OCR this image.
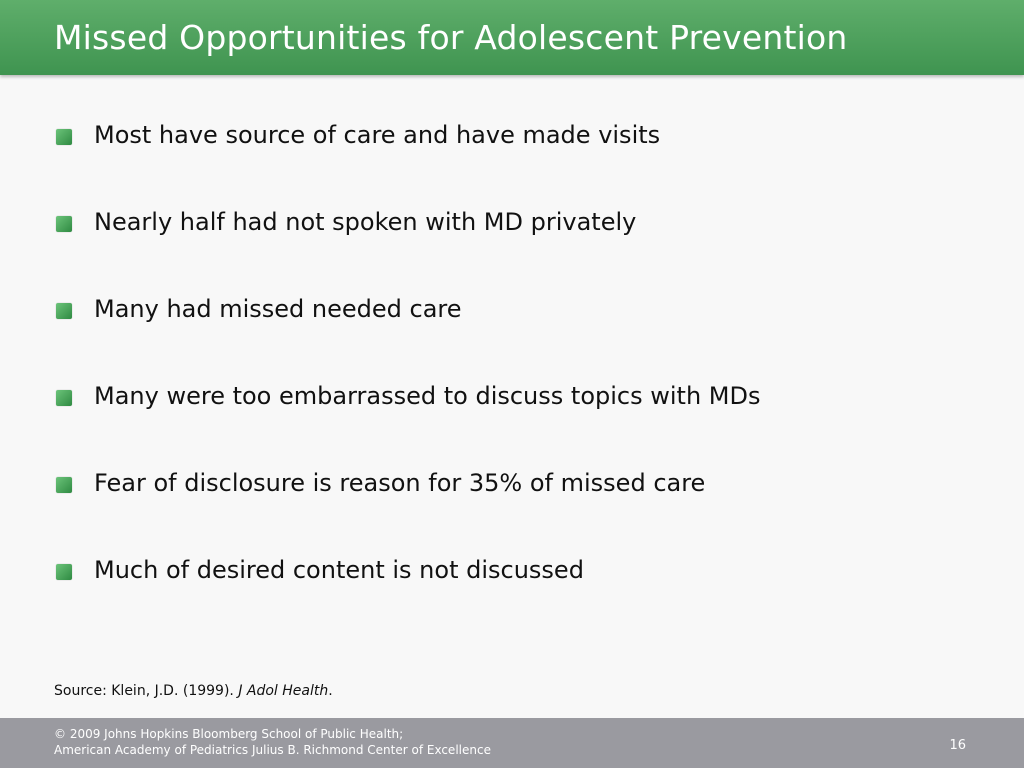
Missed Opportunities for Adolescent Prevention
Most have source of care and have made visits
Nearly half had not spoken with MD privately
Many had missed needed care
Many were too embarrassed to discuss topics with MDs
Fear of disclosure is reason for 35% of missed care
Much of desired content is not discussed
Source: Klein, J.D. (1999). J Adol Health.
© 2009 Johns Hopkins Bloomberg School of Public Health;
American Academy of Pediatrics Julius B. Richmond Center of Excellence	16
